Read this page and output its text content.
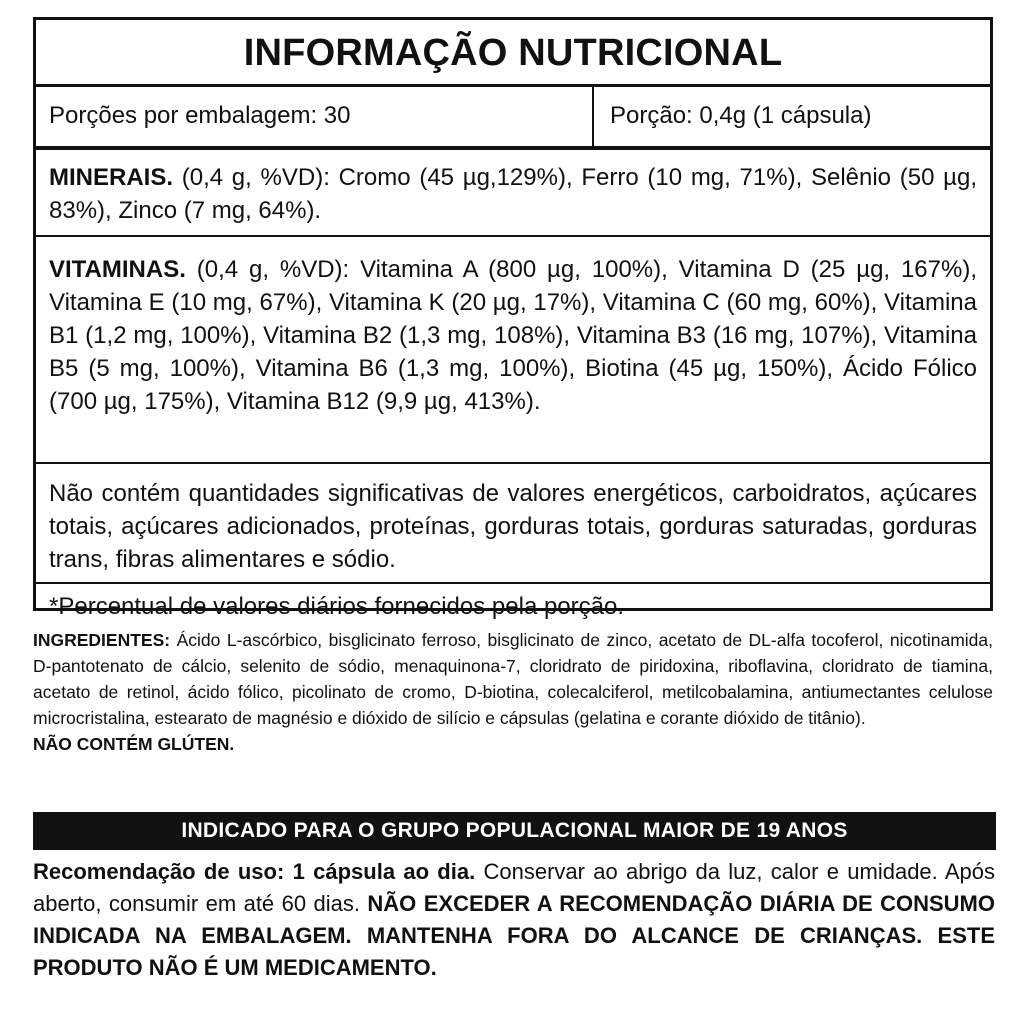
INFORMAÇÃO NUTRICIONAL
Porções por embalagem: 30	Porção: 0,4g (1 cápsula)
MINERAIS. (0,4 g, %VD): Cromo (45 µg,129%), Ferro (10 mg, 71%), Selênio (50 µg, 83%), Zinco (7 mg, 64%).
VITAMINAS. (0,4 g, %VD): Vitamina A (800 µg, 100%), Vitamina D (25 µg, 167%), Vitamina E (10 mg, 67%), Vitamina K (20 µg, 17%), Vitamina C (60 mg, 60%), Vitamina B1 (1,2 mg, 100%), Vitamina B2 (1,3 mg, 108%), Vitamina B3 (16 mg, 107%), Vitamina B5 (5 mg, 100%), Vitamina B6 (1,3 mg, 100%), Biotina (45 µg, 150%), Ácido Fólico (700 µg, 175%), Vitamina B12 (9,9 µg, 413%).
Não contém quantidades significativas de valores energéticos, carboidratos, açúcares totais, açúcares adicionados, proteínas, gorduras totais, gorduras saturadas, gorduras trans, fibras alimentares e sódio.
*Percentual de valores diários fornecidos pela porção.
INGREDIENTES: Ácido L-ascórbico, bisglicinato ferroso, bisglicinato de zinco, acetato de DL-alfa tocoferol, nicotinamida, D-pantotenato de cálcio, selenito de sódio, menaquinona-7, cloridrato de piridoxina, riboflavina, cloridrato de tiamina, acetato de retinol, ácido fólico, picolinato de cromo, D-biotina, colecalciferol, metilcobalamina, antiumectantes celulose microcristalina, estearato de magnésio e dióxido de silício e cápsulas (gelatina e corante dióxido de titânio).
NÃO CONTÉM GLÚTEN.
INDICADO PARA O GRUPO POPULACIONAL MAIOR DE 19 ANOS
Recomendação de uso: 1 cápsula ao dia. Conservar ao abrigo da luz, calor e umidade. Após aberto, consumir em até 60 dias. NÃO EXCEDER A RECOMENDAÇÃO DIÁRIA DE CONSUMO INDICADA NA EMBALAGEM. MANTENHA FORA DO ALCANCE DE CRIANÇAS. ESTE PRODUTO NÃO É UM MEDICAMENTO.
